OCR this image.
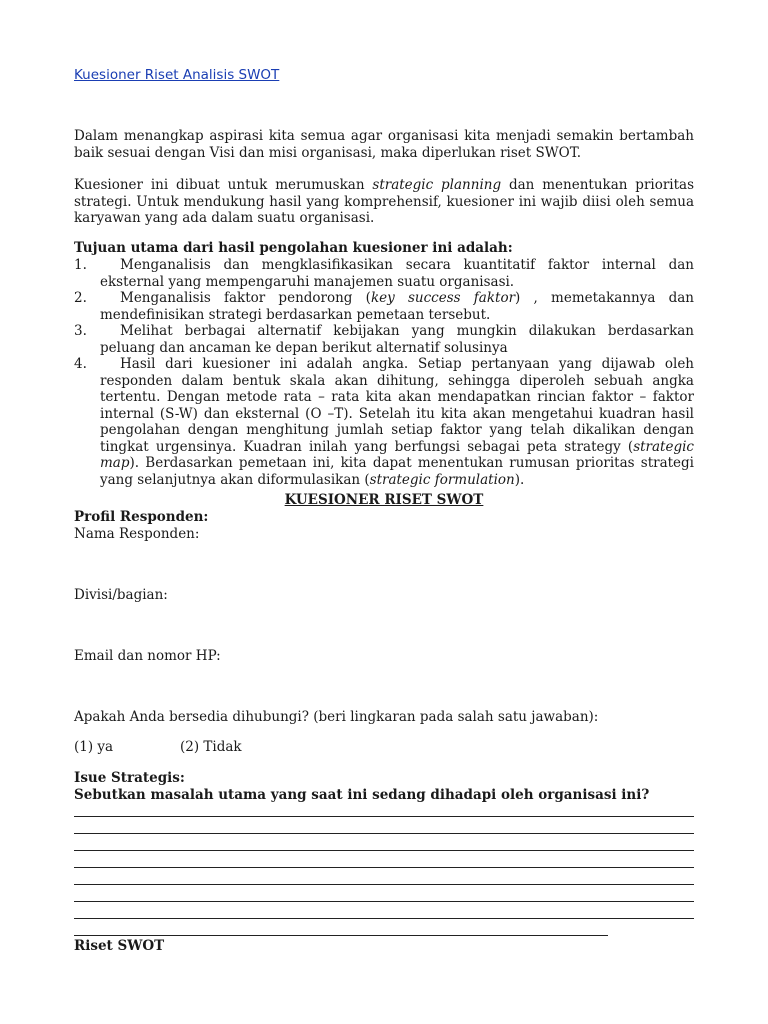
Kuesioner Riset Analisis SWOT
Dalam menangkap aspirasi kita semua agar organisasi kita menjadi semakin bertambah baik sesuai dengan Visi dan misi organisasi, maka diperlukan riset SWOT.
Kuesioner ini dibuat untuk merumuskan strategic planning dan menentukan prioritas strategi. Untuk mendukung hasil yang komprehensif, kuesioner ini wajib diisi oleh semua karyawan yang ada dalam suatu organisasi.
Tujuan utama dari hasil pengolahan kuesioner ini adalah:
1. Menganalisis dan mengklasifikasikan secara kuantitatif faktor internal dan eksternal yang mempengaruhi manajemen suatu organisasi.
2. Menganalisis faktor pendorong (key success faktor) , memetakannya dan mendefinisikan strategi berdasarkan pemetaan tersebut.
3. Melihat berbagai alternatif kebijakan yang mungkin dilakukan berdasarkan peluang dan ancaman ke depan berikut alternatif solusinya
4. Hasil dari kuesioner ini adalah angka. Setiap pertanyaan yang dijawab oleh responden dalam bentuk skala akan dihitung, sehingga diperoleh sebuah angka tertentu. Dengan metode rata – rata kita akan mendapatkan rincian faktor – faktor internal (S-W) dan eksternal (O –T). Setelah itu kita akan mengetahui kuadran hasil pengolahan dengan menghitung jumlah setiap faktor yang telah dikalikan dengan tingkat urgensinya. Kuadran inilah yang berfungsi sebagai peta strategy (strategic map). Berdasarkan pemetaan ini, kita dapat menentukan rumusan prioritas strategi yang selanjutnya akan diformulasikan (strategic formulation).
KUESIONER RISET SWOT
Profil Responden:
Nama Responden:
Divisi/bagian:
Email dan nomor HP:
Apakah Anda bersedia dihubungi? (beri lingkaran pada salah satu jawaban):
(1) ya	(2) Tidak
Isue Strategis:
Sebutkan masalah utama yang saat ini sedang dihadapi oleh organisasi ini?
Riset SWOT
